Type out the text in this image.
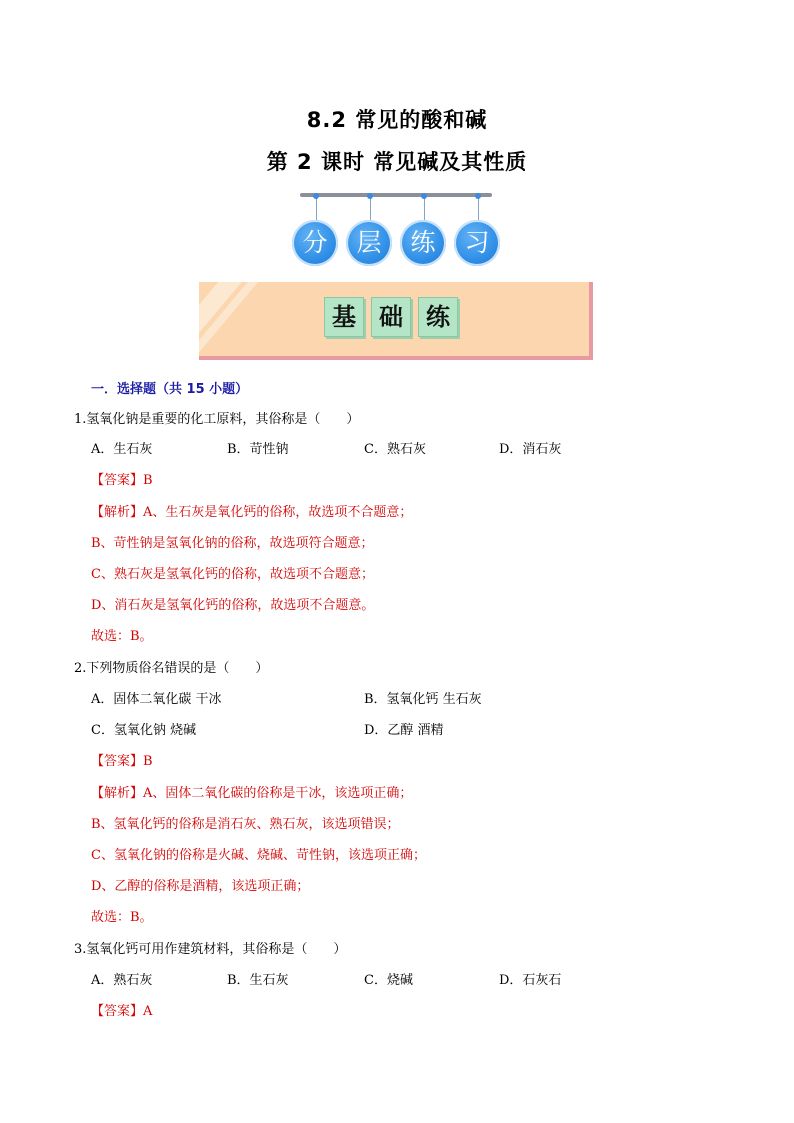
8.2 常见的酸和碱
第 2 课时 常见碱及其性质
分	层	练	习
基 础 练
一．选择题（共 15 小题）
1.氢氧化钠是重要的化工原料，其俗称是（　　）
A．生石灰	B．苛性钠	C．熟石灰	D．消石灰
【答案】B
【解析】A、生石灰是氧化钙的俗称，故选项不合题意；
B、苛性钠是氢氧化钠的俗称，故选项符合题意；
C、熟石灰是氢氧化钙的俗称，故选项不合题意；
D、消石灰是氢氧化钙的俗称，故选项不合题意。
故选：B。
2.下列物质俗名错误的是（　　）
A．固体二氧化碳 干冰	B．氢氧化钙 生石灰
C．氢氧化钠 烧碱	D．乙醇 酒精
【答案】B
【解析】A、固体二氧化碳的俗称是干冰，该选项正确；
B、氢氧化钙的俗称是消石灰、熟石灰，该选项错误；
C、氢氧化钠的俗称是火碱、烧碱、苛性钠，该选项正确；
D、乙醇的俗称是酒精，该选项正确；
故选：B。
3.氢氧化钙可用作建筑材料，其俗称是（　　）
A．熟石灰	B．生石灰	C．烧碱	D．石灰石
【答案】A
